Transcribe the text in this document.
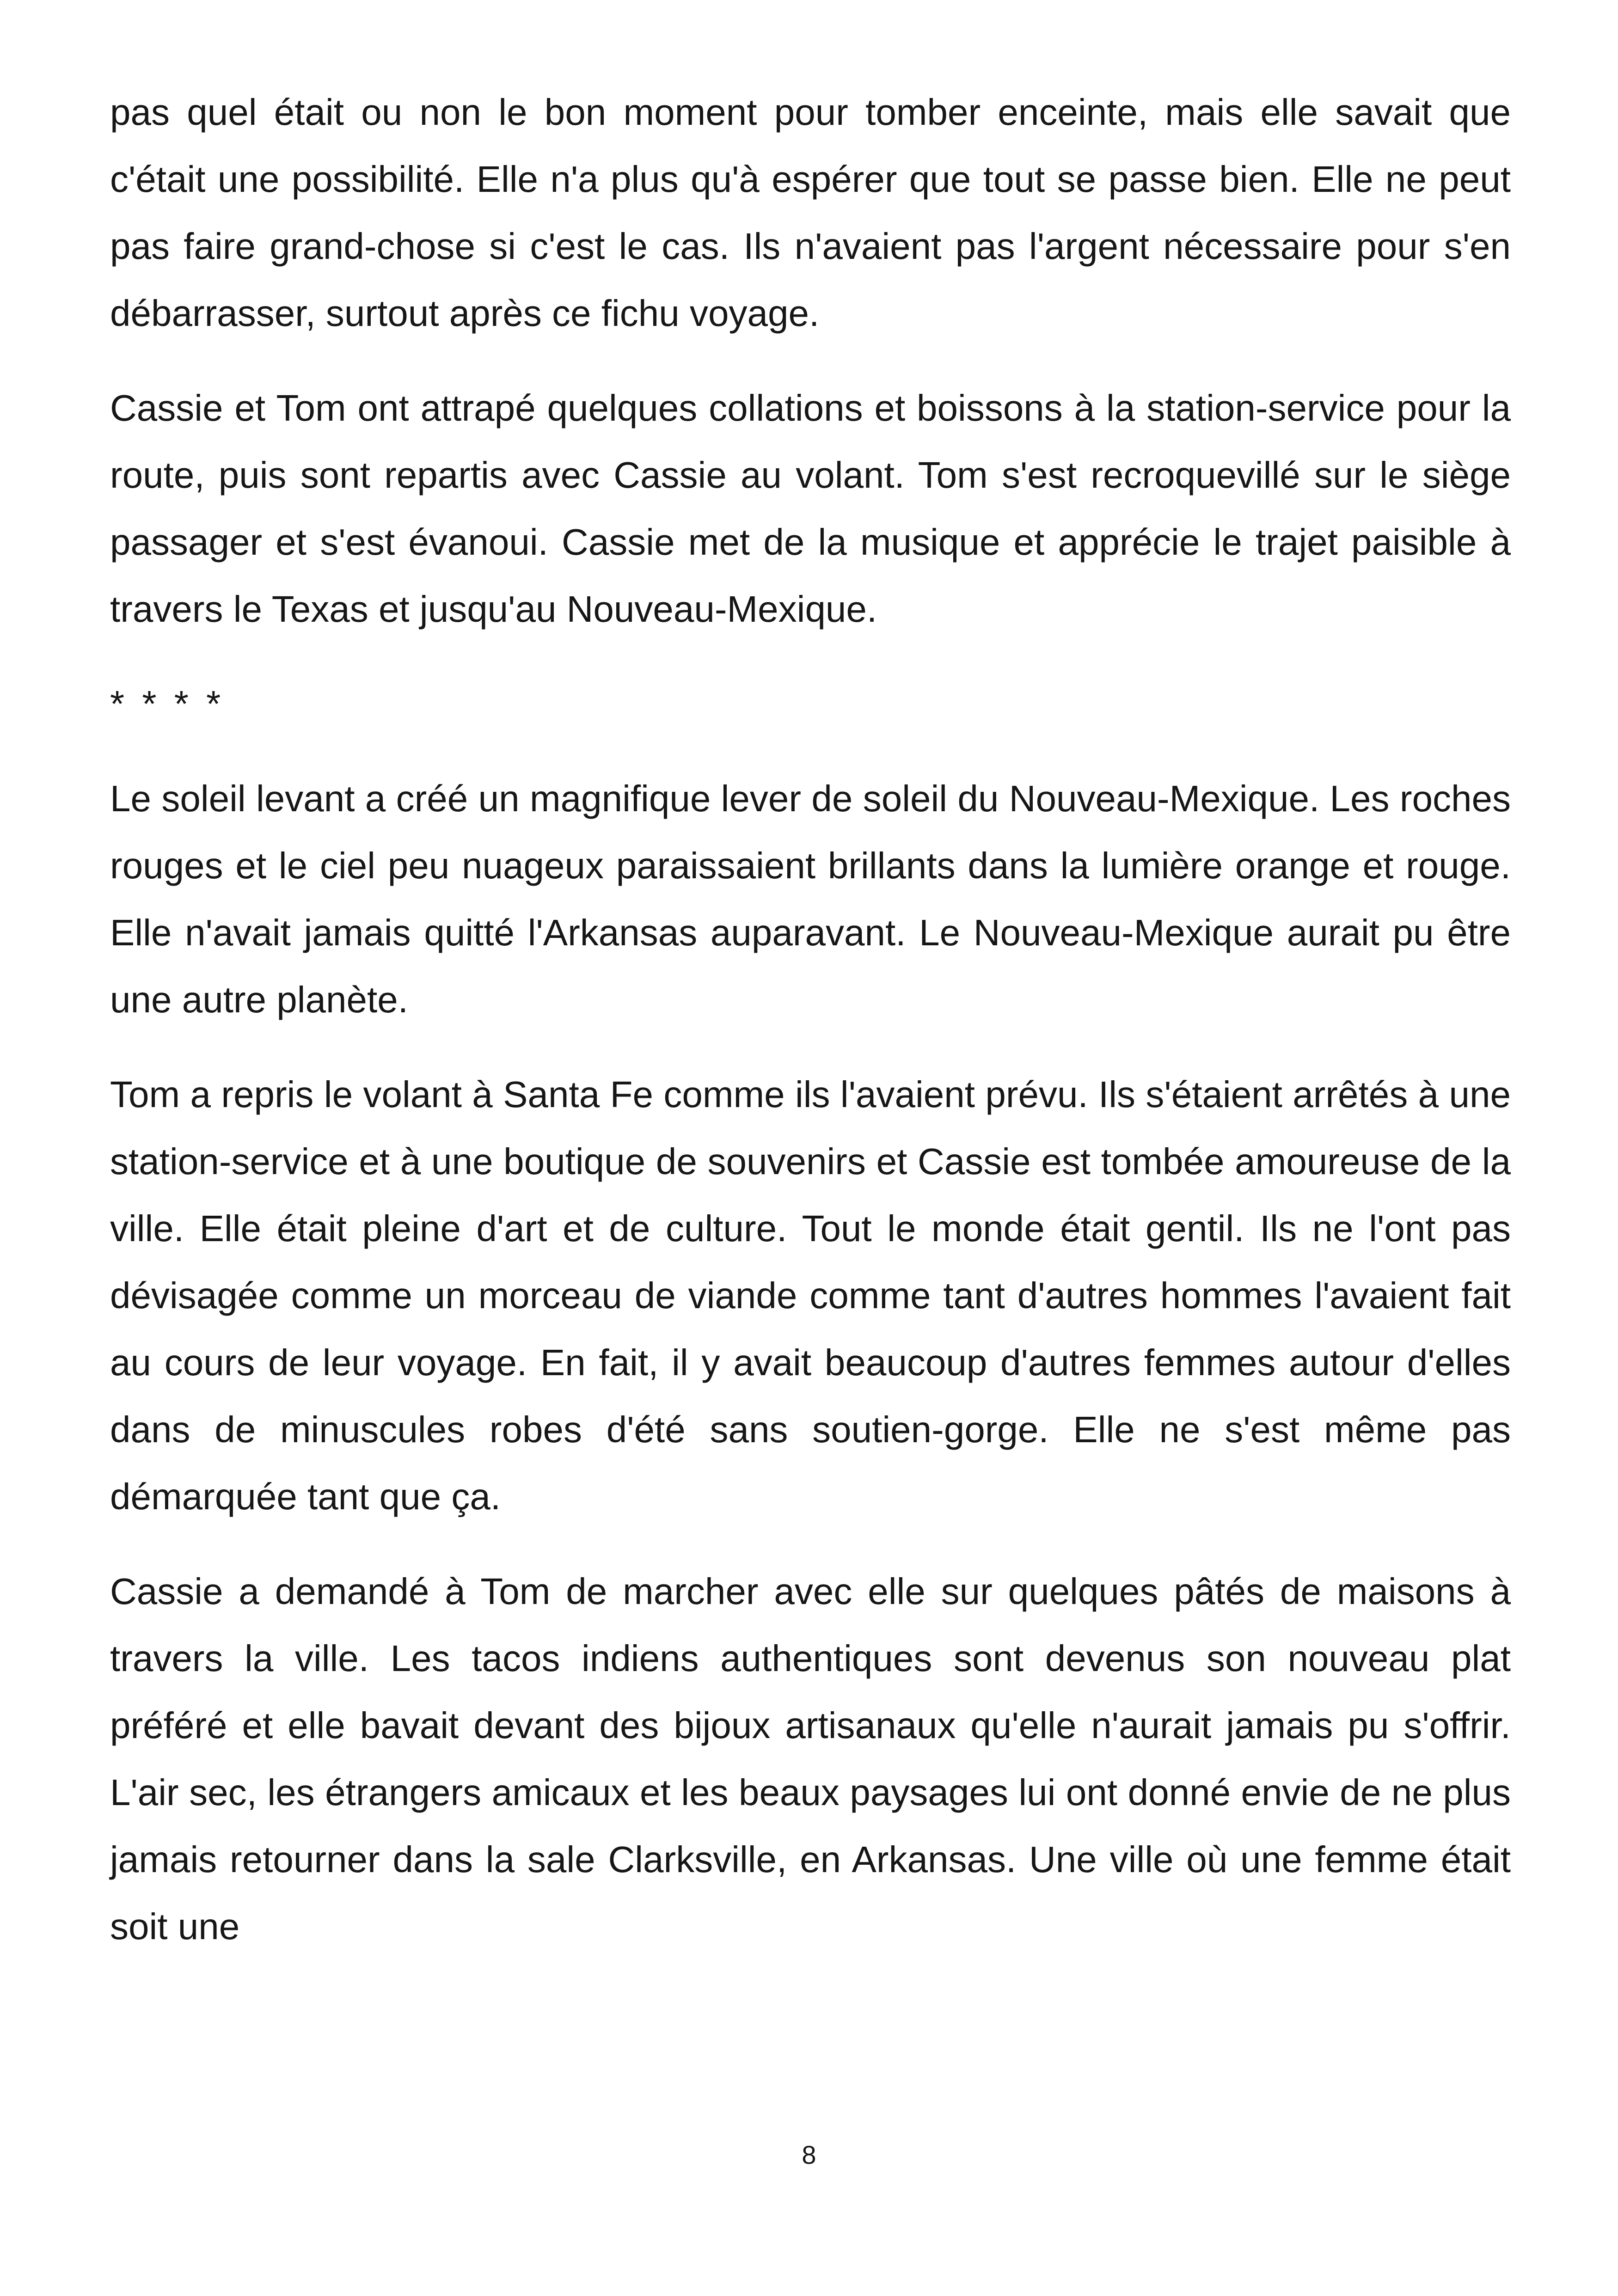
pas quel était ou non le bon moment pour tomber enceinte, mais elle savait que c'était une possibilité. Elle n'a plus qu'à espérer que tout se passe bien. Elle ne peut pas faire grand-chose si c'est le cas. Ils n'avaient pas l'argent nécessaire pour s'en débarrasser, surtout après ce fichu voyage.

Cassie et Tom ont attrapé quelques collations et boissons à la station-service pour la route, puis sont repartis avec Cassie au volant. Tom s'est recroquevillé sur le siège passager et s'est évanoui. Cassie met de la musique et apprécie le trajet paisible à travers le Texas et jusqu'au Nouveau-Mexique.

* * * *

Le soleil levant a créé un magnifique lever de soleil du Nouveau-Mexique. Les roches rouges et le ciel peu nuageux paraissaient brillants dans la lumière orange et rouge. Elle n'avait jamais quitté l'Arkansas auparavant. Le Nouveau-Mexique aurait pu être une autre planète.

Tom a repris le volant à Santa Fe comme ils l'avaient prévu. Ils s'étaient arrêtés à une station-service et à une boutique de souvenirs et Cassie est tombée amoureuse de la ville. Elle était pleine d'art et de culture. Tout le monde était gentil. Ils ne l'ont pas dévisagée comme un morceau de viande comme tant d'autres hommes l'avaient fait au cours de leur voyage. En fait, il y avait beaucoup d'autres femmes autour d'elles dans de minuscules robes d'été sans soutien-gorge. Elle ne s'est même pas démarquée tant que ça.

Cassie a demandé à Tom de marcher avec elle sur quelques pâtés de maisons à travers la ville. Les tacos indiens authentiques sont devenus son nouveau plat préféré et elle bavait devant des bijoux artisanaux qu'elle n'aurait jamais pu s'offrir. L'air sec, les étrangers amicaux et les beaux paysages lui ont donné envie de ne plus jamais retourner dans la sale Clarksville, en Arkansas. Une ville où une femme était soit une

8
